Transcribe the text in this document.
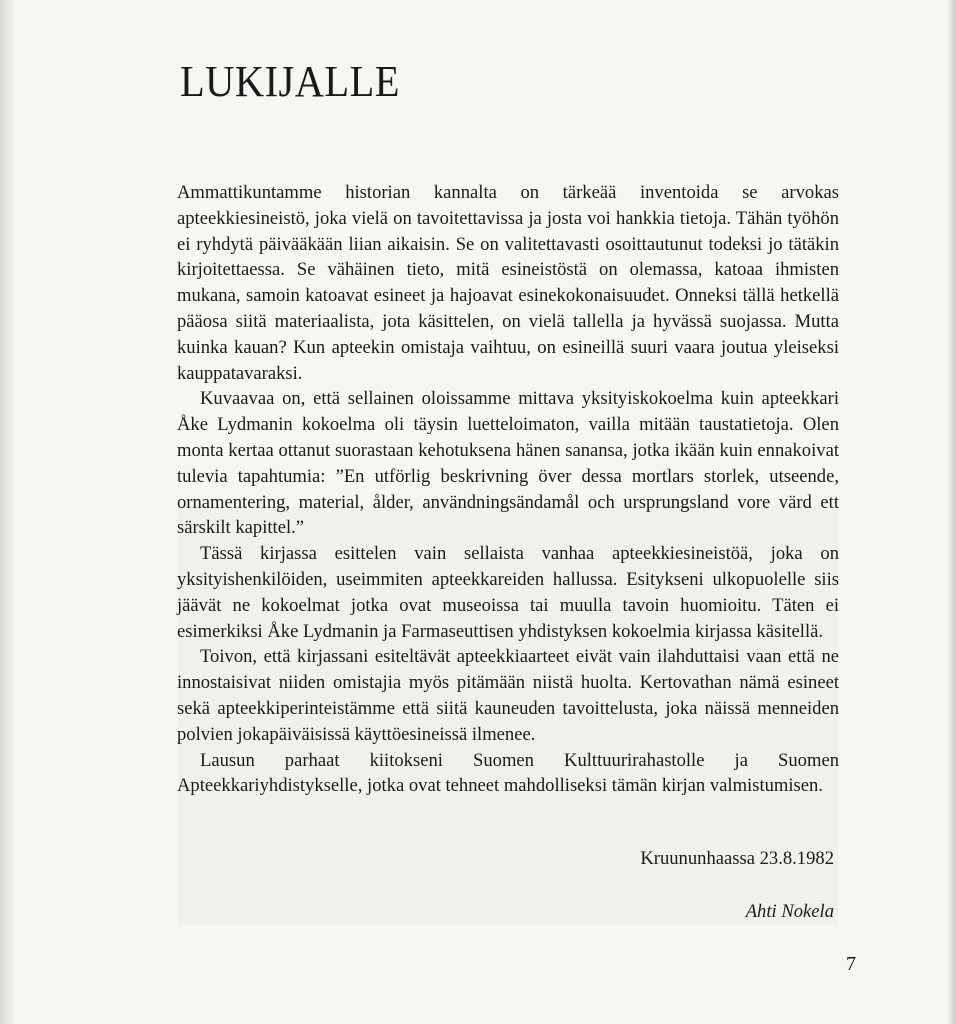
LUKIJALLE

Ammattikuntamme historian kannalta on tärkeää inventoida se arvokas apteekkiesineistö, joka vielä on tavoitettavissa ja josta voi hankkia tietoja. Tähän työhön ei ryhdytä päivääkään liian aikaisin. Se on valitettavasti osoittautunut todeksi jo tätäkin kirjoitettaessa. Se vähäinen tieto, mitä esineistöstä on olemassa, katoaa ihmisten mukana, samoin katoavat esineet ja hajoavat esinekokonaisuudet. Onneksi tällä hetkellä pääosa siitä materiaalista, jota käsittelen, on vielä tallella ja hyvässä suojassa. Mutta kuinka kauan? Kun apteekin omistaja vaihtuu, on esineillä suuri vaara joutua yleiseksi kauppatavaraksi.

Kuvaavaa on, että sellainen oloissamme mittava yksityiskokoelma kuin apteekkari Åke Lydmanin kokoelma oli täysin luetteloimaton, vailla mitään taustatietoja. Olen monta kertaa ottanut suorastaan kehotuksena hänen sanansa, jotka ikään kuin ennakoivat tulevia tapahtumia: ”En utförlig beskrivning över dessa mortlars storlek, utseende, ornamentering, material, ålder, användningsändamål och ursprungsland vore värd ett särskilt kapittel.”

Tässä kirjassa esittelen vain sellaista vanhaa apteekkiesineistöä, joka on yksityishenkilöiden, useimmiten apteekkareiden hallussa. Esitykseni ulkopuolelle siis jäävät ne kokoelmat jotka ovat museoissa tai muulla tavoin huomioitu. Täten ei esimerkiksi Åke Lydmanin ja Farmaseuttisen yhdistyksen kokoelmia kirjassa käsitellä.

Toivon, että kirjassani esiteltävät apteekkiaarteet eivät vain ilahduttaisi vaan että ne innostaisivat niiden omistajia myös pitämään niistä huolta. Kertovathan nämä esineet sekä apteekkiperinteistämme että siitä kauneuden tavoittelusta, joka näissä menneiden polvien jokapäiväisissä käyttöesineissä ilmenee.

Lausun parhaat kiitokseni Suomen Kulttuurirahastolle ja Suomen Apteekkariyhdistykselle, jotka ovat tehneet mahdolliseksi tämän kirjan valmistumisen.

Kruununhaassa 23.8.1982
Ahti Nokela
7
